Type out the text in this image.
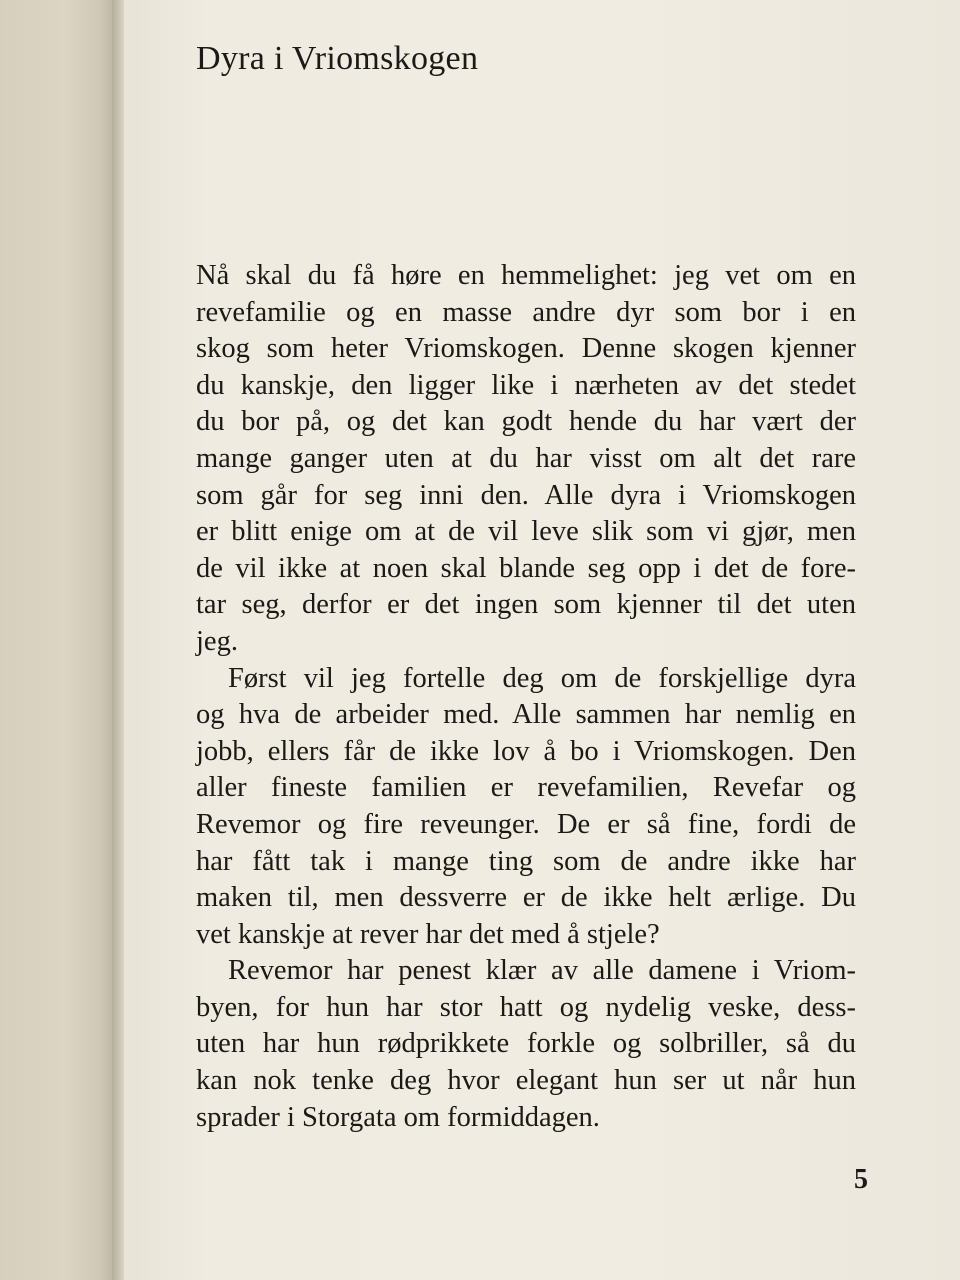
Dyra i Vriomskogen
Nå skal du få høre en hemmelighet: jeg vet om en
revefamilie og en masse andre dyr som bor i en
skog som heter Vriomskogen. Denne skogen kjenner
du kanskje, den ligger like i nærheten av det stedet
du bor på, og det kan godt hende du har vært der
mange ganger uten at du har visst om alt det rare
som går for seg inni den. Alle dyra i Vriomskogen
er blitt enige om at de vil leve slik som vi gjør, men
de vil ikke at noen skal blande seg opp i det de fore-
tar seg, derfor er det ingen som kjenner til det uten
jeg.
Først vil jeg fortelle deg om de forskjellige dyra
og hva de arbeider med. Alle sammen har nemlig en
jobb, ellers får de ikke lov å bo i Vriomskogen. Den
aller fineste familien er revefamilien, Revefar og
Revemor og fire reveunger. De er så fine, fordi de
har fått tak i mange ting som de andre ikke har
maken til, men dessverre er de ikke helt ærlige. Du
vet kanskje at rever har det med å stjele?
Revemor har penest klær av alle damene i Vriom-
byen, for hun har stor hatt og nydelig veske, dess-
uten har hun rødprikkete forkle og solbriller, så du
kan nok tenke deg hvor elegant hun ser ut når hun
sprader i Storgata om formiddagen.
5
